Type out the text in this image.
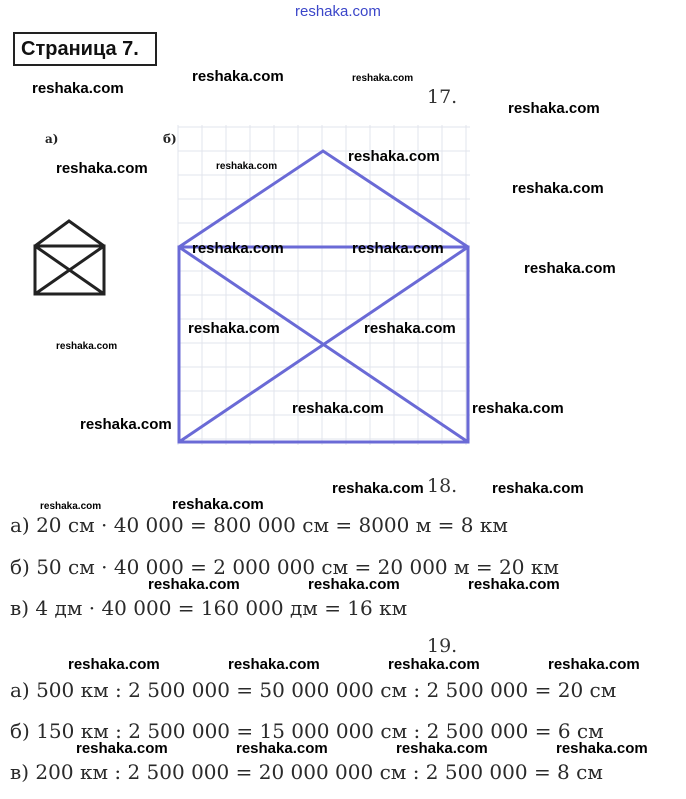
reshaka.com
Страница 7.
17.
а)	б)
18.
а) 20 см · 40 000 = 800 000 см = 8000 м = 8 км
б) 50 см · 40 000 = 2 000 000 см = 20 000 м = 20 км
в) 4 дм · 40 000 = 160 000 дм = 16 км
19.
а) 500 км : 2 500 000 = 50 000 000 см : 2 500 000 = 20 см
б) 150 км : 2 500 000 = 15 000 000 см : 2 500 000 = 6 см
в) 200 км : 2 500 000 = 20 000 000 см : 2 500 000 = 8 см
reshaka.com	reshaka.com
reshaka.com
reshaka.com
reshaka.com
reshaka.com
reshaka.com
reshaka.com
reshaka.com	reshaka.com
reshaka.com
reshaka.com	reshaka.com
reshaka.com
reshaka.com	reshaka.com
reshaka.com
reshaka.com	reshaka.com
reshaka.com
reshaka.com
reshaka.com	reshaka.com	reshaka.com
reshaka.com	reshaka.com	reshaka.com	reshaka.com
reshaka.com	reshaka.com	reshaka.com	reshaka.com
